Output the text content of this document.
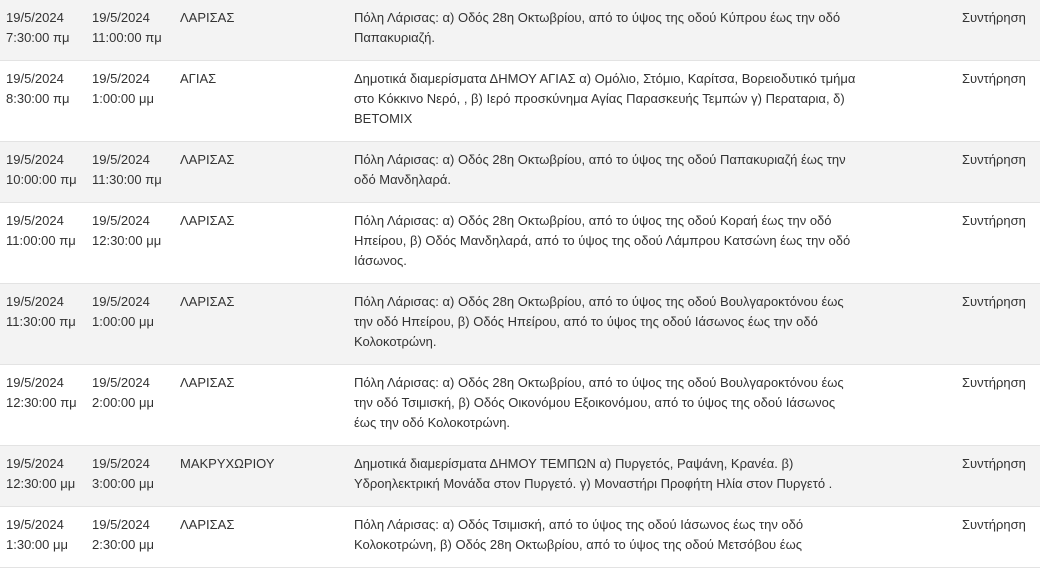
19/5/2024 7:30:00 πμ	19/5/2024 11:00:00 πμ	ΛΑΡΙΣΑΣ	Πόλη Λάρισας: α) Οδός 28η Οκτωβρίου, από το ύψος της οδού Κύπρου έως την οδό Παπακυριαζή.	Συντήρηση

19/5/2024 8:30:00 πμ	19/5/2024 1:00:00 μμ	ΑΓΙΑΣ	Δημοτικά διαμερίσματα ΔΗΜΟΥ ΑΓΙΑΣ α) Ομόλιο, Στόμιο, Καρίτσα, Βορειοδυτικό τμήμα στο Κόκκινο Νερό, , β) Ιερό προσκύνημα Αγίας Παρασκευής Τεμπών γ) Περαταρια, δ) ΒΕΤΟΜΙΧ	Συντήρηση

19/5/2024 10:00:00 πμ	19/5/2024 11:30:00 πμ	ΛΑΡΙΣΑΣ	Πόλη Λάρισας: α) Οδός 28η Οκτωβρίου, από το ύψος της οδού Παπακυριαζή έως την οδό Μανδηλαρά.	Συντήρηση

19/5/2024 11:00:00 πμ	19/5/2024 12:30:00 μμ	ΛΑΡΙΣΑΣ	Πόλη Λάρισας: α) Οδός 28η Οκτωβρίου, από το ύψος της οδού Κοραή έως την οδό Ηπείρου, β) Οδός Μανδηλαρά, από το ύψος της οδού Λάμπρου Κατσώνη έως την οδό Ιάσωνος.	Συντήρηση

19/5/2024 11:30:00 πμ	19/5/2024 1:00:00 μμ	ΛΑΡΙΣΑΣ	Πόλη Λάρισας: α) Οδός 28η Οκτωβρίου, από το ύψος της οδού Βουλγαροκτόνου έως την οδό Ηπείρου, β) Οδός Ηπείρου, από το ύψος της οδού Ιάσωνος έως την οδό Κολοκοτρώνη.	Συντήρηση

19/5/2024 12:30:00 πμ	19/5/2024 2:00:00 μμ	ΛΑΡΙΣΑΣ	Πόλη Λάρισας: α) Οδός 28η Οκτωβρίου, από το ύψος της οδού Βουλγαροκτόνου έως την οδό Τσιμισκή, β) Οδός Οικονόμου Εξοικονόμου, από το ύψος της οδού Ιάσωνος έως την οδό Κολοκοτρώνη.	Συντήρηση

19/5/2024 12:30:00 μμ	19/5/2024 3:00:00 μμ	ΜΑΚΡΥΧΩΡΙΟΥ	Δημοτικά διαμερίσματα ΔΗΜΟΥ ΤΕΜΠΩΝ α) Πυργετός, Ραψάνη, Κρανέα. β) Υδροηλεκτρική Μονάδα στον Πυργετό. γ) Μοναστήρι Προφήτη Ηλία στον Πυργετό .	Συντήρηση

19/5/2024 1:30:00 μμ	19/5/2024 2:30:00 μμ	ΛΑΡΙΣΑΣ	Πόλη Λάρισας: α) Οδός Τσιμισκή, από το ύψος της οδού Ιάσωνος έως την οδό Κολοκοτρώνη, β) Οδός 28η Οκτωβρίου, από το ύψος της οδού Μετσόβου έως	Συντήρηση
